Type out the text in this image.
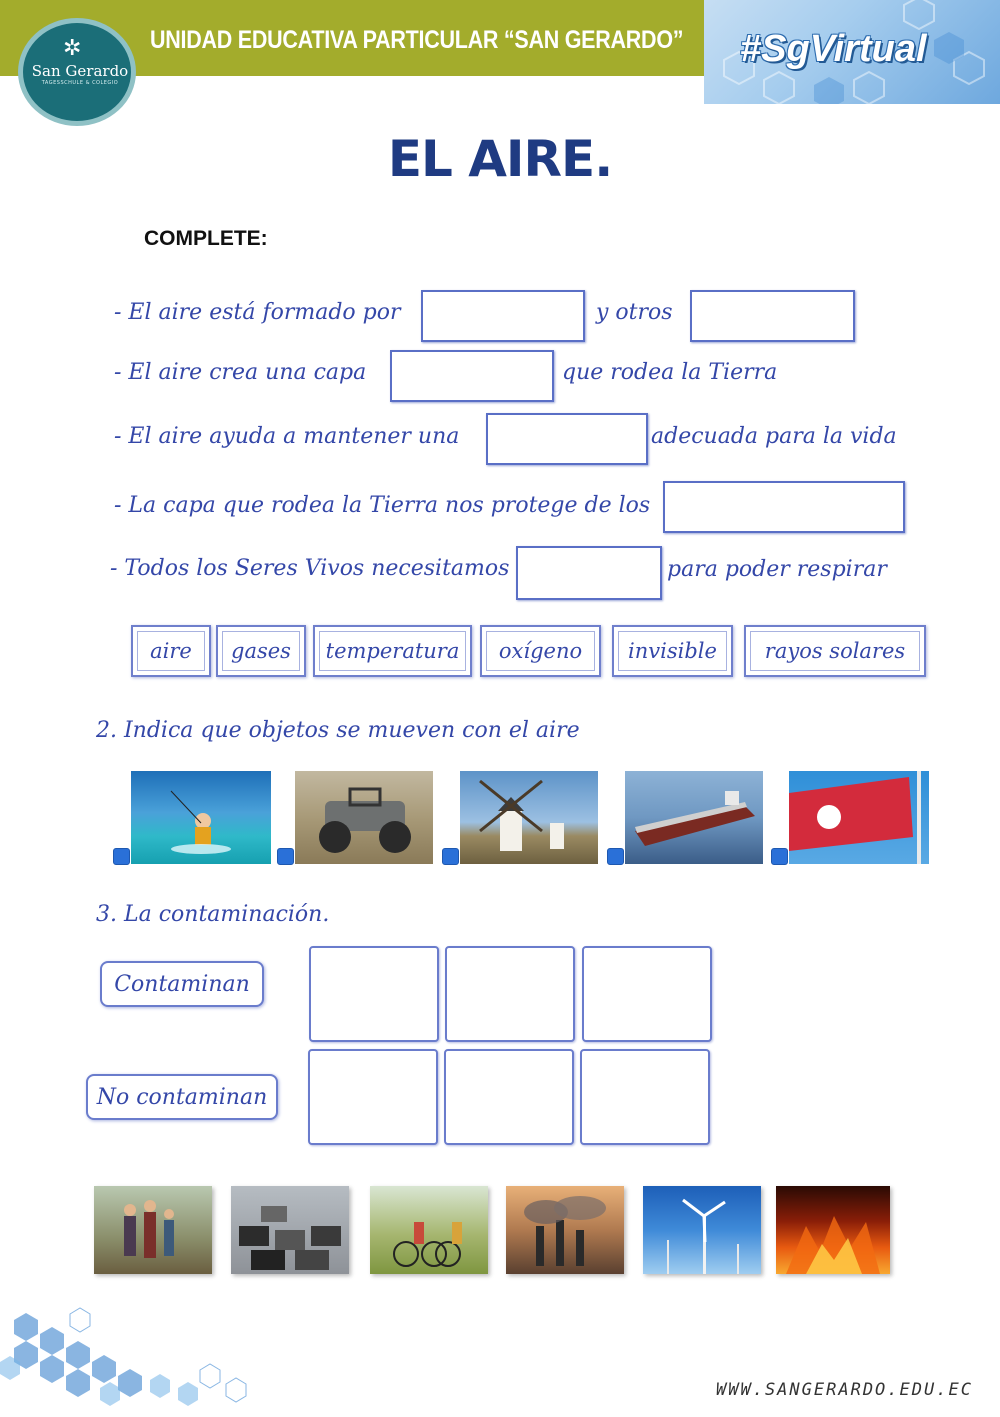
UNIDAD EDUCATIVA PARTICULAR “SAN GERARDO” #SgVirtual
✲
San Gerardo
TAGESSCHULE & COLEGIO
EL AIRE.
COMPLETE:
- El aire está formado por	y otros
- El aire crea una capa	que rodea la Tierra
- El aire ayuda a mantener una	adecuada para la vida
- La capa que rodea la Tierra nos protege de los
- Todos los Seres Vivos necesitamos	para poder respirar
aire	gases	temperatura	oxígeno	invisible	rayos solares
2. Indica que objetos se mueven con el aire
3. La contaminación.
Contaminan
No contaminan
WWW.SANGERARDO.EDU.EC
